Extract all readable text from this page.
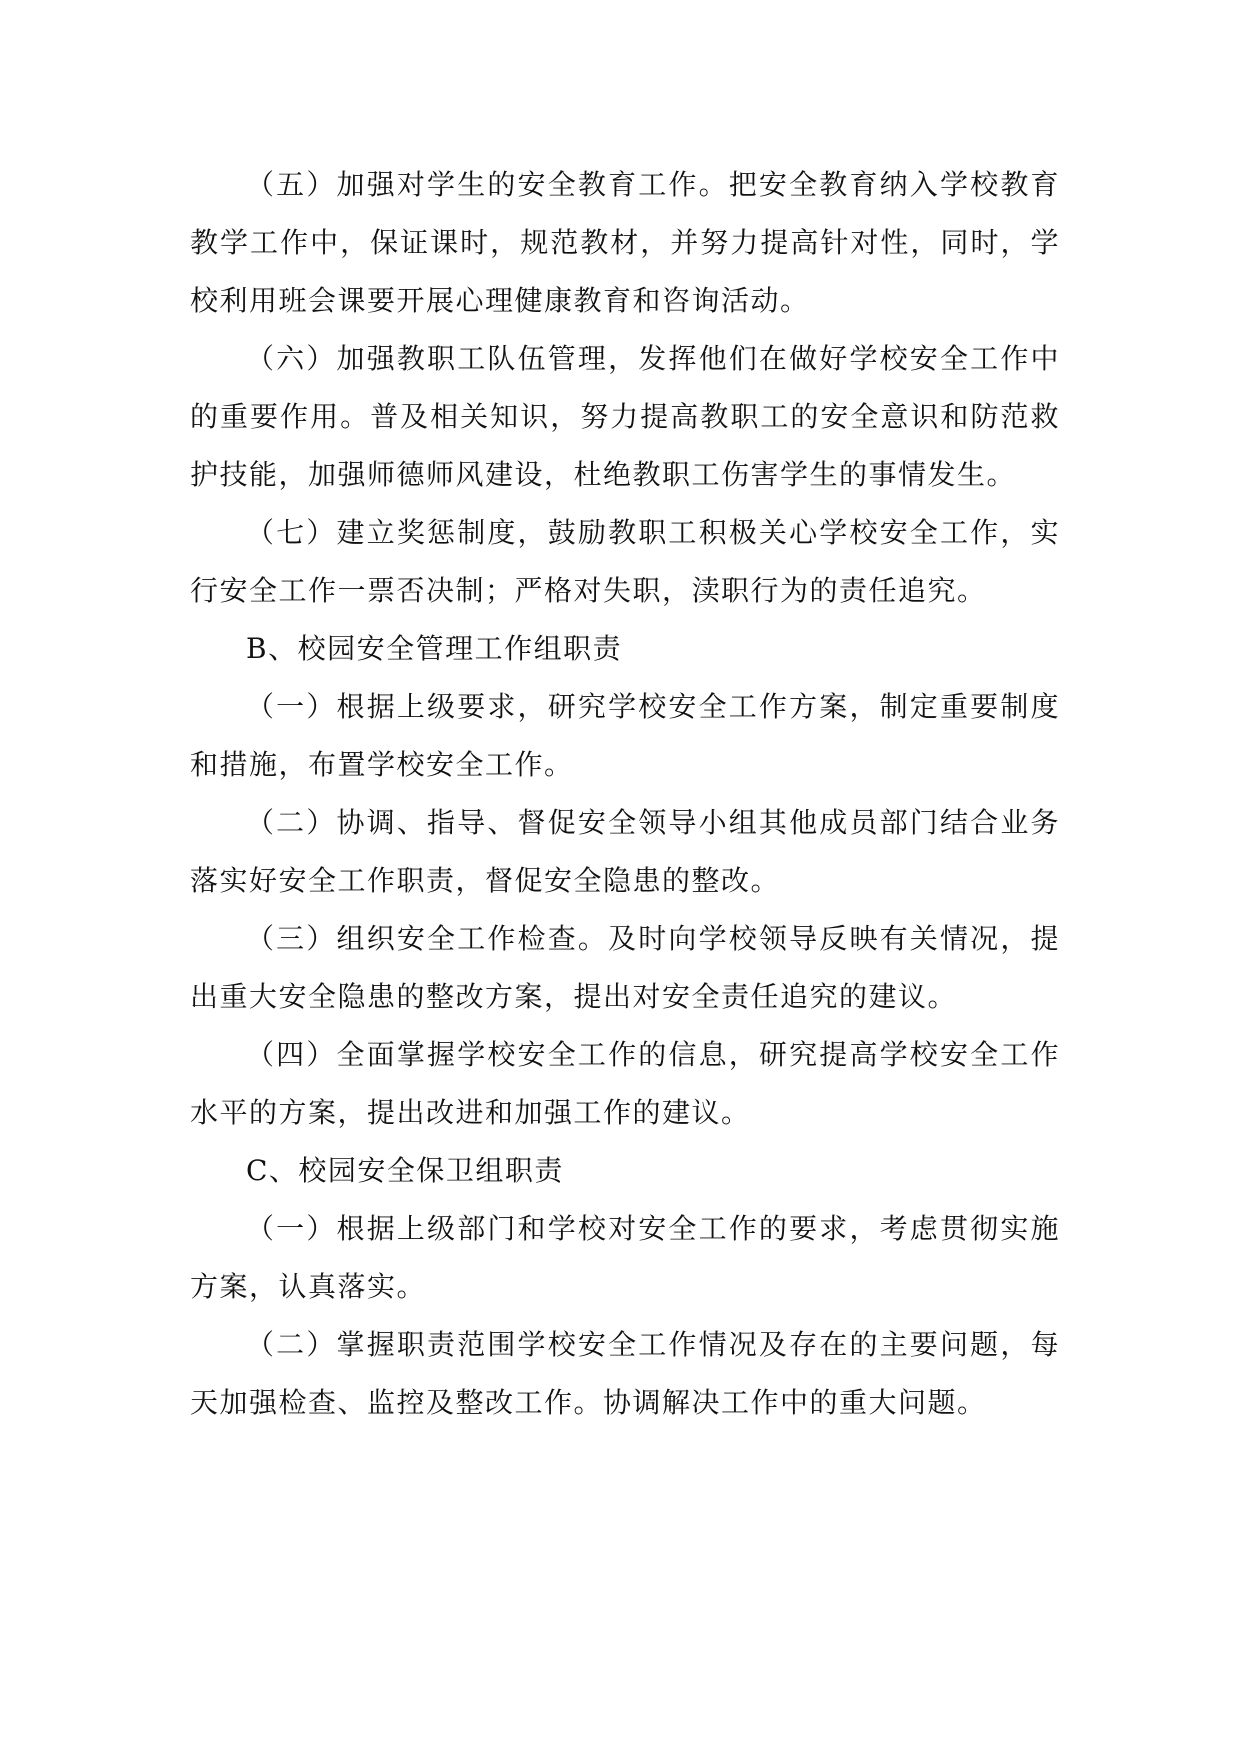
（五）加强对学生的安全教育工作。把安全教育纳入学校教育教学工作中，保证课时，规范教材，并努力提高针对性，同时，学校利用班会课要开展心理健康教育和咨询活动。

（六）加强教职工队伍管理，发挥他们在做好学校安全工作中的重要作用。普及相关知识，努力提高教职工的安全意识和防范救护技能，加强师德师风建设，杜绝教职工伤害学生的事情发生。

（七）建立奖惩制度，鼓励教职工积极关心学校安全工作，实行安全工作一票否决制；严格对失职，渎职行为的责任追究。

B、校园安全管理工作组职责

（一）根据上级要求，研究学校安全工作方案，制定重要制度和措施，布置学校安全工作。

（二）协调、指导、督促安全领导小组其他成员部门结合业务落实好安全工作职责，督促安全隐患的整改。

（三）组织安全工作检查。及时向学校领导反映有关情况，提出重大安全隐患的整改方案，提出对安全责任追究的建议。

（四）全面掌握学校安全工作的信息，研究提高学校安全工作水平的方案，提出改进和加强工作的建议。

C、校园安全保卫组职责

（一）根据上级部门和学校对安全工作的要求，考虑贯彻实施方案，认真落实。

（二）掌握职责范围学校安全工作情况及存在的主要问题，每天加强检查、监控及整改工作。协调解决工作中的重大问题。
